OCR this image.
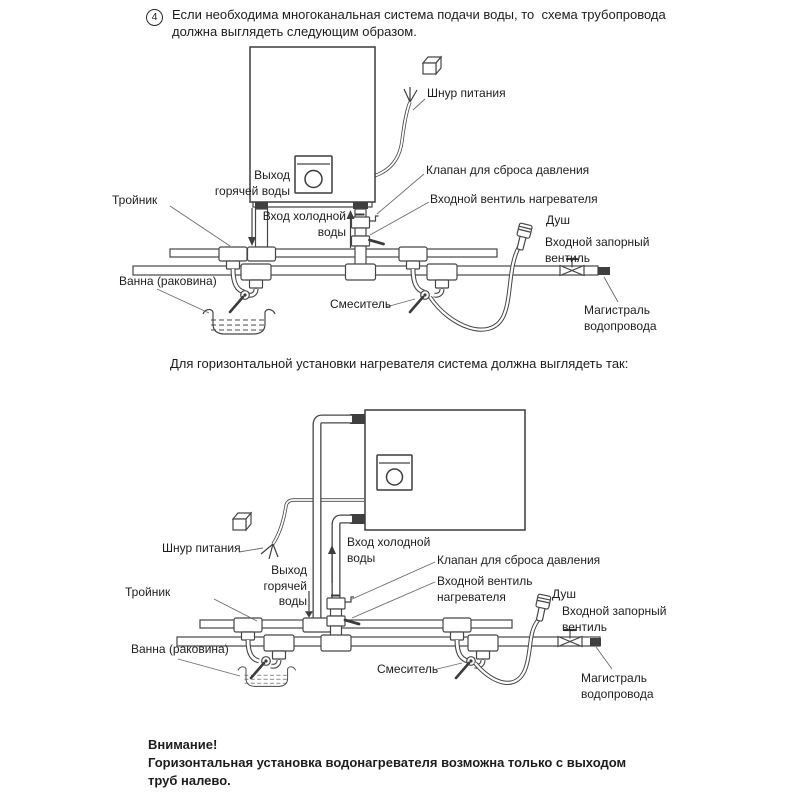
4	Если необходима многоканальная система подачи воды, то  схема трубопровода
должна выглядеть следующим образом.
Шнур питания
Выход
горячей воды
Тройник
Вход холодной
воды
Клапан для сброса давления
Входной вентиль нагревателя
Душ
Входной запорный
вентиль
Ванна (раковина)
Смеситель	Магистраль
водопровода
Для горизонтальной установки нагревателя система должна выглядеть так:
Шнур питания	Вход холодной
воды
Выход
горячей
воды
Тройник
Клапан для сброса давления
Входной вентиль
нагревателя	Душ
Входной запорный
вентиль
Ванна (раковина)
Смеситель
Магистраль
водопровода
Внимание!
Горизонтальная установка водонагревателя возможна только с выходом
труб налево.
